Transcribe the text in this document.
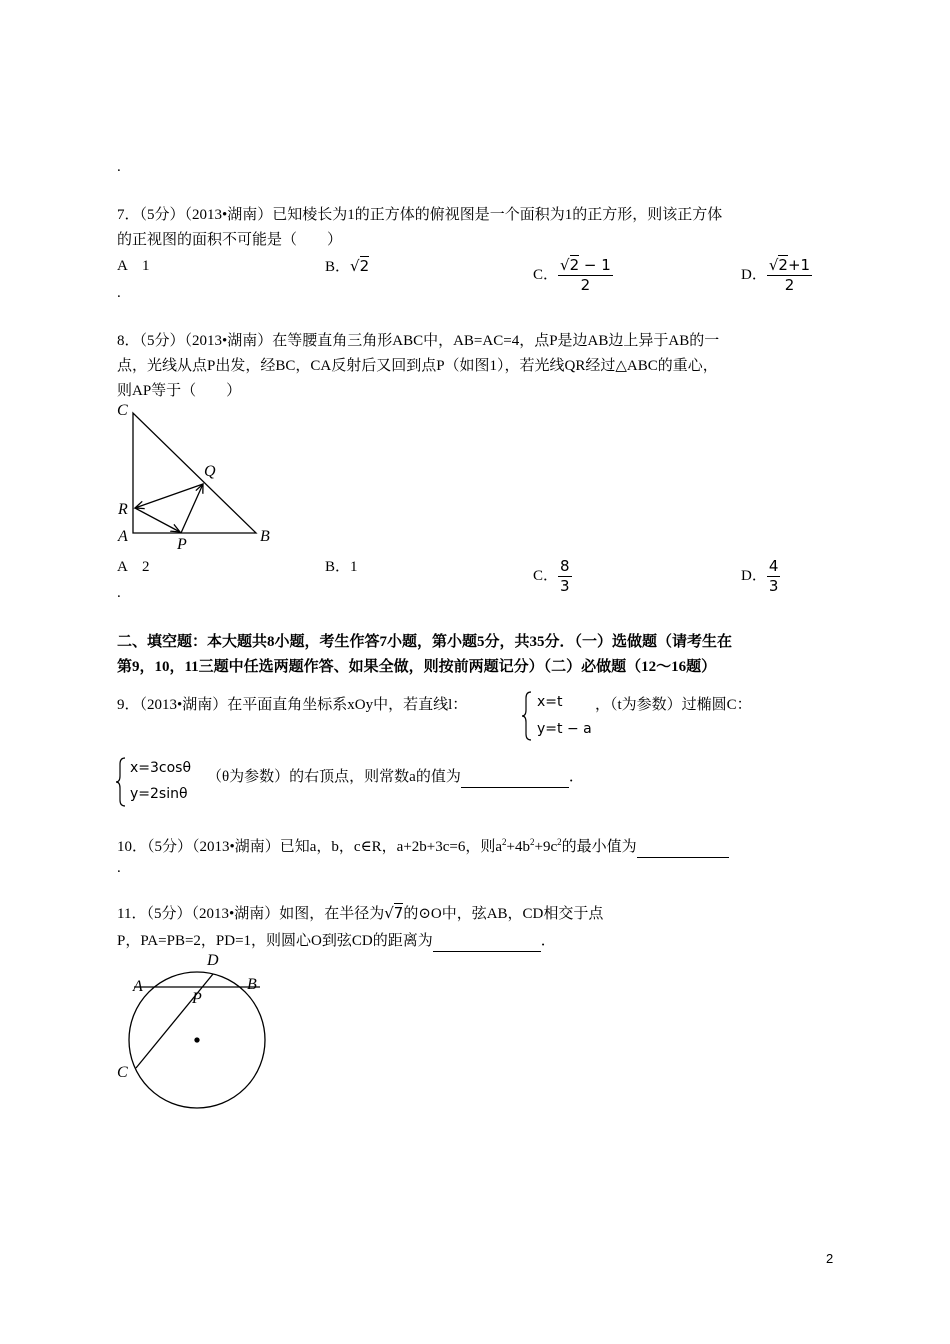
.
7．（5分）（2013•湖南）已知棱长为1的正方体的俯视图是一个面积为1的正方形，则该正方体
的正视图的面积不可能是（　　）
A　1	B．√2	C． $\frac{√2 - 1}{2}$	D． $\frac{√2+1}{2}$
.
8．（5分）（2013•湖南）在等腰直角三角形ABC中，AB=AC=4，点P是边AB边上异于AB的一
点，光线从点P出发，经BC，CA反射后又回到点P（如图1），若光线QR经过△ABC的重心，
则AP等于（　　）
C
Q
R
A	P	B
A	B
D
P
C
A　2	B．1
C． $\frac{8}{3}$	D． $\frac{4}{3}$
.
二、填空题：本大题共8小题，考生作答7小题，第小题5分，共35分．（一）选做题（请考生在
第9，10，11三题中任选两题作答、如果全做，则按前两题记分）（二）必做题（12～16题）
9．（2013•湖南）在平面直角坐标系xOy中，若直线l：	x=t
y=t − a
，（t为参数）过椭圆C：
x=3cosθ
y=2sinθ
（θ为参数）的右顶点，则常数a的值为	．
10．（5分）（2013•湖南）已知a，b，c∈R，a+2b+3c=6，则$a^2+4b^2+9c^2$的最小值为
.
11．（5分）（2013•湖南）如图，在半径为√7的⊙O中，弦AB，CD相交于点
P，PA=PB=2，PD=1，则圆心O到弦CD的距离为	．
2
